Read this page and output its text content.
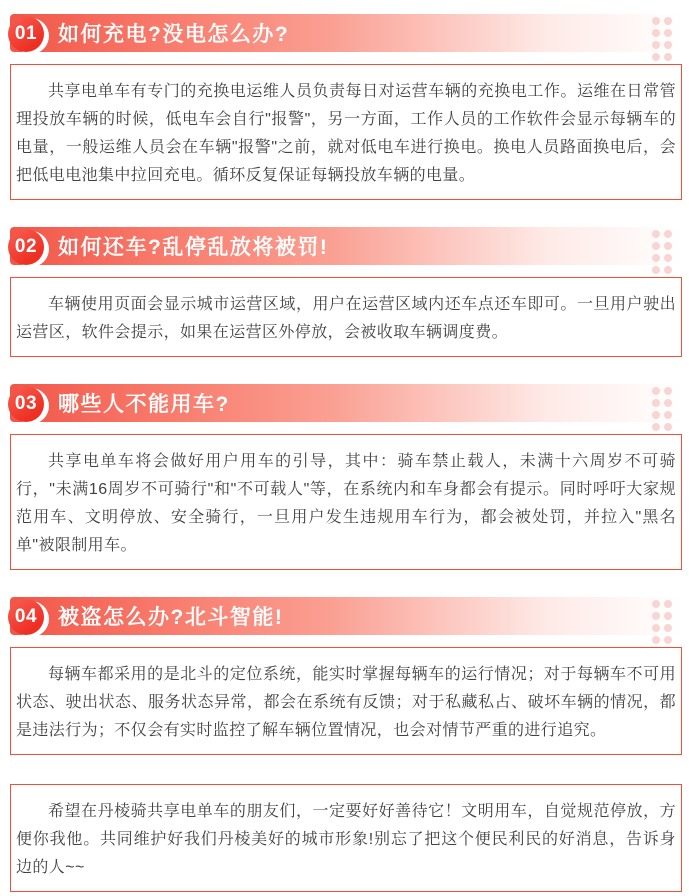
01 如何充电?没电怎么办?

共享电单车有专门的充换电运维人员负责每日对运营车辆的充换电工作。运维在日常管理投放车辆的时候，低电车会自行"报警"，另一方面，工作人员的工作软件会显示每辆车的电量，一般运维人员会在车辆"报警"之前，就对低电车进行换电。换电人员路面换电后，会把低电电池集中拉回充电。循环反复保证每辆投放车辆的电量。

02 如何还车?乱停乱放将被罚!

车辆使用页面会显示城市运营区域，用户在运营区域内还车点还车即可。一旦用户驶出运营区，软件会提示，如果在运营区外停放，会被收取车辆调度费。

03 哪些人不能用车?

共享电单车将会做好用户用车的引导，其中：骑车禁止载人，未满十六周岁不可骑行，"未满16周岁不可骑行"和"不可载人"等，在系统内和车身都会有提示。同时呼吁大家规范用车、文明停放、安全骑行，一旦用户发生违规用车行为，都会被处罚，并拉入"黑名单"被限制用车。

04 被盗怎么办?北斗智能!

每辆车都采用的是北斗的定位系统，能实时掌握每辆车的运行情况；对于每辆车不可用状态、驶出状态、服务状态异常，都会在系统有反馈；对于私藏私占、破坏车辆的情况，都是违法行为；不仅会有实时监控了解车辆位置情况，也会对情节严重的进行追究。

希望在丹棱骑共享电单车的朋友们，一定要好好善待它！文明用车，自觉规范停放，方便你我他。共同维护好我们丹棱美好的城市形象!别忘了把这个便民利民的好消息，告诉身边的人~~
